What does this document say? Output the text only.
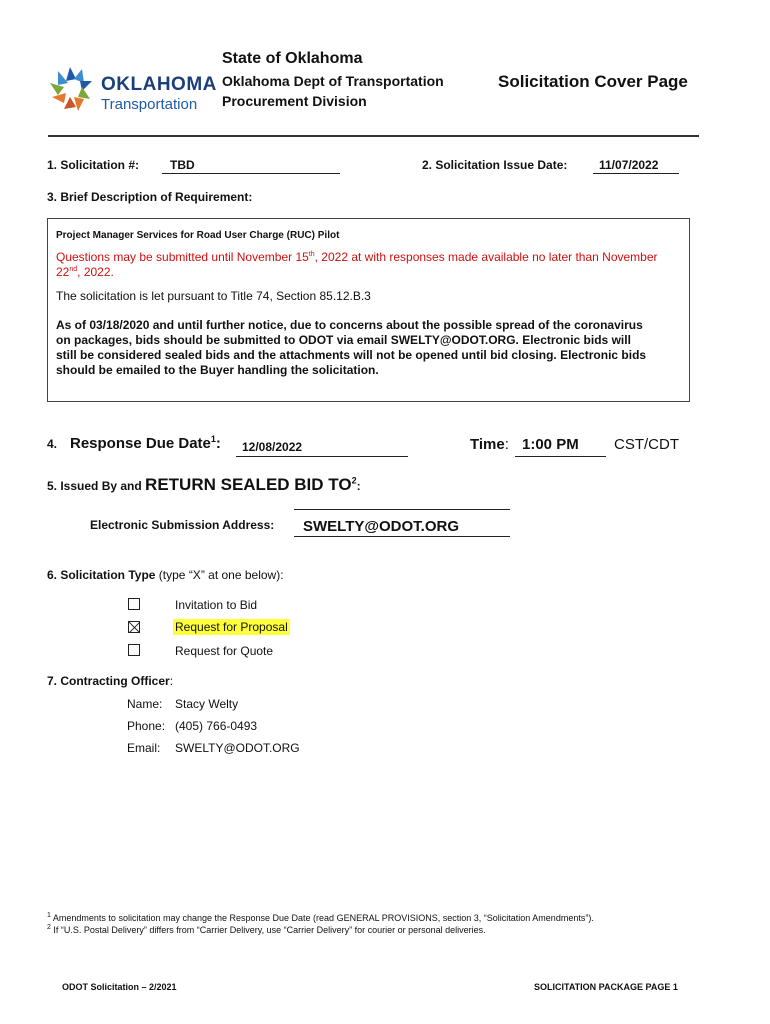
OKLAHOMA
Transportation
State of Oklahoma
Oklahoma Dept of Transportation
Procurement Division
Solicitation Cover Page
1. Solicitation #:	TBD	2. Solicitation Issue Date:	11/07/2022
3. Brief Description of Requirement:
Project Manager Services for Road User Charge (RUC) Pilot
Questions may be submitted until November 15th, 2022 at with responses made available no later than November
22nd, 2022.
The solicitation is let pursuant to Title 74, Section 85.12.B.3
As of 03/18/2020 and until further notice, due to concerns about the possible spread of the coronavirus
on packages, bids should be submitted to ODOT via email SWELTY@ODOT.ORG. Electronic bids will
still be considered sealed bids and the attachments will not be opened until bid closing. Electronic bids
should be emailed to the Buyer handling the solicitation.
4. Response Due Date$^1$:	12/08/2022	Time: 1:00 PM	CST/CDT
5. Issued By and RETURN SEALED BID $TO^2$:
Electronic Submission Address:	SWELTY@ODOT.ORG
6. Solicitation Type (type “X” at one below):
Invitation to Bid
Request for Proposal
Request for Quote
7. Contracting Officer:
Name: Stacy Welty
Phone: (405) 766-0493
Email: SWELTY@ODOT.ORG
$^1$ Amendments to solicitation may change the Response Due Date (read GENERAL PROVISIONS, section 3, “Solicitation Amendments”).
$^2$ If “U.S. Postal Delivery” differs from “Carrier Delivery, use “Carrier Delivery” for courier or personal deliveries.
ODOT Solicitation – 2/2021	SOLICITATION PACKAGE PAGE 1
